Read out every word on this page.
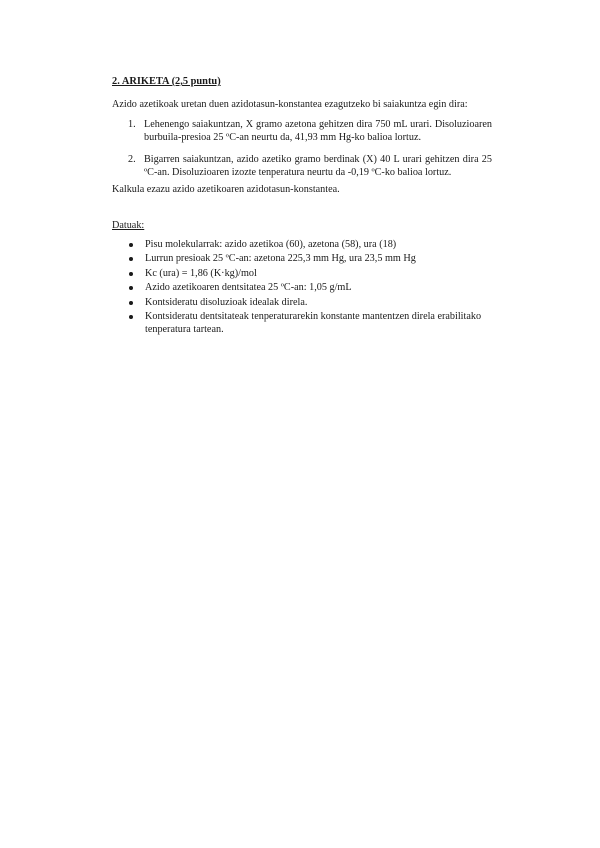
2. ARIKETA (2,5 puntu)
Azido azetikoak uretan duen azidotasun-konstantea ezagutzeko bi saiakuntza egin dira:
1. Lehenengo saiakuntzan, X gramo azetona gehitzen dira 750 mL urari. Disoluzioaren burbuila-presioa 25 ºC-an neurtu da, 41,93 mm Hg-ko balioa lortuz.
2. Bigarren saiakuntzan, azido azetiko gramo berdinak (X) 40 L urari gehitzen dira 25 ºC-an. Disoluzioaren izozte tenperatura neurtu da -0,19 ºC-ko balioa lortuz.
Kalkula ezazu azido azetikoaren azidotasun-konstantea.
Datuak:
Pisu molekularrak: azido azetikoa (60), azetona (58), ura (18)
Lurrun presioak 25 ºC-an: azetona 225,3 mm Hg, ura 23,5 mm Hg
Kc (ura) = 1,86 (K·kg)/mol
Azido azetikoaren dentsitatea 25 ºC-an: 1,05 g/mL
Kontsideratu disoluzioak idealak direla.
Kontsideratu dentsitateak tenperaturarekin konstante mantentzen direla erabilitako tenperatura tartean.
